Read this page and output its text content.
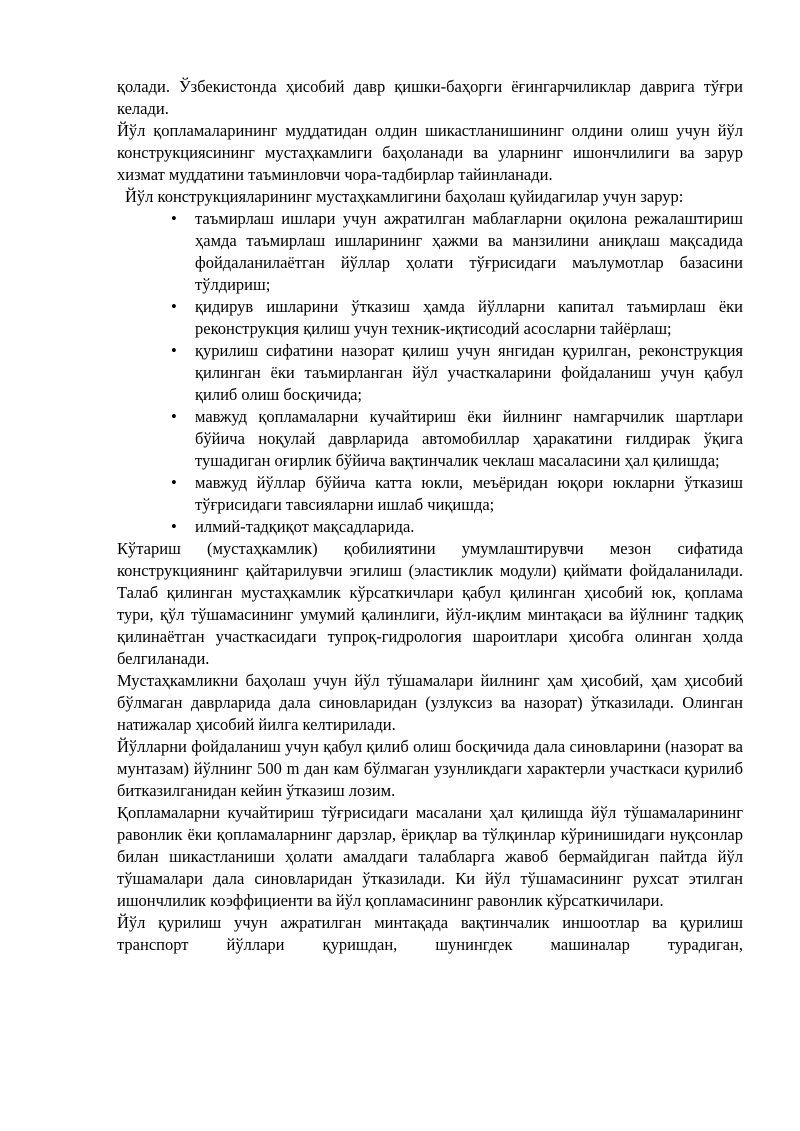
қолади. Ўзбекистонда ҳисобий давр қишки-баҳорги ёғингарчиликлар даврига тўғри келади.

Йўл қопламаларининг муддатидан олдин шикастланишининг олдини олиш учун йўл конструкциясининг мустаҳкамлиги баҳоланади ва уларнинг ишончлилиги ва зарур хизмат муддатини таъминловчи чора-тадбирлар тайинланади.

Йўл конструкцияларининг мустаҳкамлигини баҳолаш қуйидагилар учун зарур:

• таъмирлаш ишлари учун ажратилган маблағларни оқилона режалаштириш ҳамда таъмирлаш ишларининг ҳажми ва манзилини аниқлаш мақсадида фойдаланилаётган йўллар ҳолати тўғрисидаги маълумотлар базасини тўлдириш;
• қидирув ишларини ўтказиш ҳамда йўлларни капитал таъмирлаш ёки реконструкция қилиш учун техник-иқтисодий асосларни тайёрлаш;
• қурилиш сифатини назорат қилиш учун янгидан қурилган, реконструкция қилинган ёки таъмирланган йўл участкаларини фойдаланиш учун қабул қилиб олиш босқичида;
• мавжуд қопламаларни кучайтириш ёки йилнинг намгарчилик шартлари бўйича ноқулай даврларида автомобиллар ҳаракатини ғилдирак ўқига тушадиган оғирлик бўйича вақтинчалик чеклаш масаласини ҳал қилишда;
• мавжуд йўллар бўйича катта юкли, меъёридан юқори юкларни ўтказиш тўғрисидаги тавсияларни ишлаб чиқишда;
• илмий-тадқиқот мақсадларида.

Кўтариш (мустаҳкамлик) қобилиятини умумлаштирувчи мезон сифатида конструкциянинг қайтарилувчи эгилиш (эластиклик модули) қиймати фойдаланилади. Талаб қилинган мустаҳкамлик кўрсаткичлари қабул қилинган ҳисобий юк, қоплама тури, қўл тўшамасининг умумий қалинлиги, йўл-иқлим минтақаси ва йўлнинг тадқиқ қилинаётган участкасидаги тупроқ-гидрология шароитлари ҳисобга олинган ҳолда белгиланади.

Мустаҳкамликни баҳолаш учун йўл тўшамалари йилнинг ҳам ҳисобий, ҳам ҳисобий бўлмаган даврларида дала синовларидан (узлуксиз ва назорат) ўтказилади. Олинган натижалар ҳисобий йилга келтирилади.

Йўлларни фойдаланиш учун қабул қилиб олиш босқичида дала синовларини (назорат ва мунтазам) йўлнинг 500 m дан кам бўлмаган узунликдаги характерли участкаси қурилиб битказилганидан кейин ўтказиш лозим.

Қопламаларни кучайтириш тўғрисидаги масалани ҳал қилишда йўл тўшамаларининг равонлик ёки қопламаларнинг дарзлар, ёриқлар ва тўлқинлар кўринишидаги нуқсонлар билан шикастланиши ҳолати амалдаги талабларга жавоб бермайдиган пайтда йўл тўшамалари дала синовларидан ўтказилади. Ки йўл тўшамасининг рухсат этилган ишончлилик коэффициенти ва йўл қопламасининг равонлик кўрсаткичилари.

Йўл қурилиш учун ажратилган минтақада вақтинчалик иншоотлар ва қурилиш транспорт йўллари қуришдан, шунингдек машиналар турадиган,
